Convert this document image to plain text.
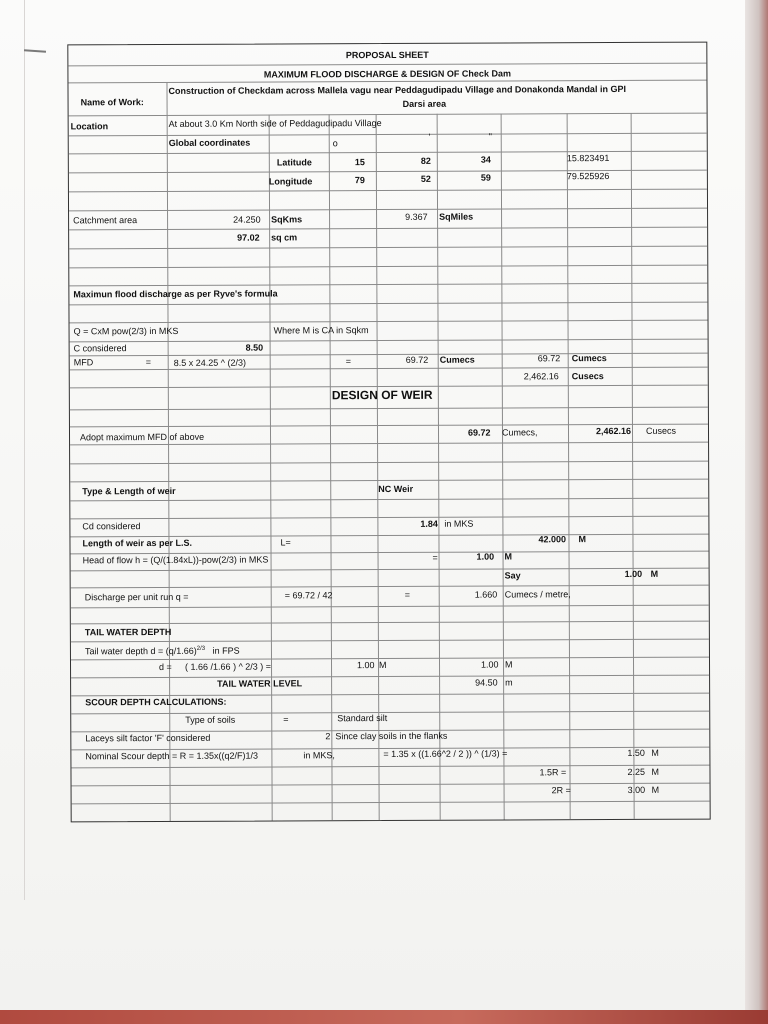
PROPOSAL SHEET
MAXIMUM FLOOD DISCHARGE & DESIGN OF Check Dam
Name of Work:
Construction of Checkdam across Mallela vagu near Peddagudipadu Village and Donakonda Mandal in GPI
Darsi area
Location	At about 3.0 Km North side of Peddagudipadu Village
Global coordinates	o
'	"
Latitude	15	82	34	15.823491
Longitude	79	52	59	79.525926
Catchment area	24.250 SqKms	9.367 SqMiles
97.02 sq cm
Maximun flood discharge as per Ryve's formula
Q = CxM pow(2/3) in MKS	Where M is CA in Sqkm
C considered	8.50
MFD	=	8.5 x 24.25 ^ (2/3)	=	69.72 Cumecs	69.72 Cumecs
2,462.16 Cusecs
DESIGN OF WEIR
Adopt maximum MFD of above	69.72 Cumecs,	2,462.16 Cusecs
Type & Length of weir	NC Weir
Cd considered	1.84 in MKS
Length of weir as per L.S.	L=	42.000 M
Head of flow h = (Q/(1.84xL))-pow(2/3) in MKS	=	1.00 M
Say	1.00 M
Discharge per unit run q =	= 69.72 / 42	=	1.660 Cumecs / metre,
TAIL WATER DEPTH
Tail water depth $d = (q/1.66)^{2/3}$ in FPS
d = ( 1.66 /1.66 ) ^ 2/3 ) =	1.00 M	1.00 M
TAIL WATER LEVEL	94.50 m
SCOUR DEPTH CALCULATIONS:
Type of soils	=	Standard silt
Laceys silt factor 'F' considered	2 Since clay soils in the flanks
Nominal Scour depth = R = 1.35x((q2/F)1/3	in MKS,	= 1.35 x ((1.66^2 / 2 )) ^ (1/3) =	1.50 M
1.5R =	2.25 M
2R =	3.00 M
